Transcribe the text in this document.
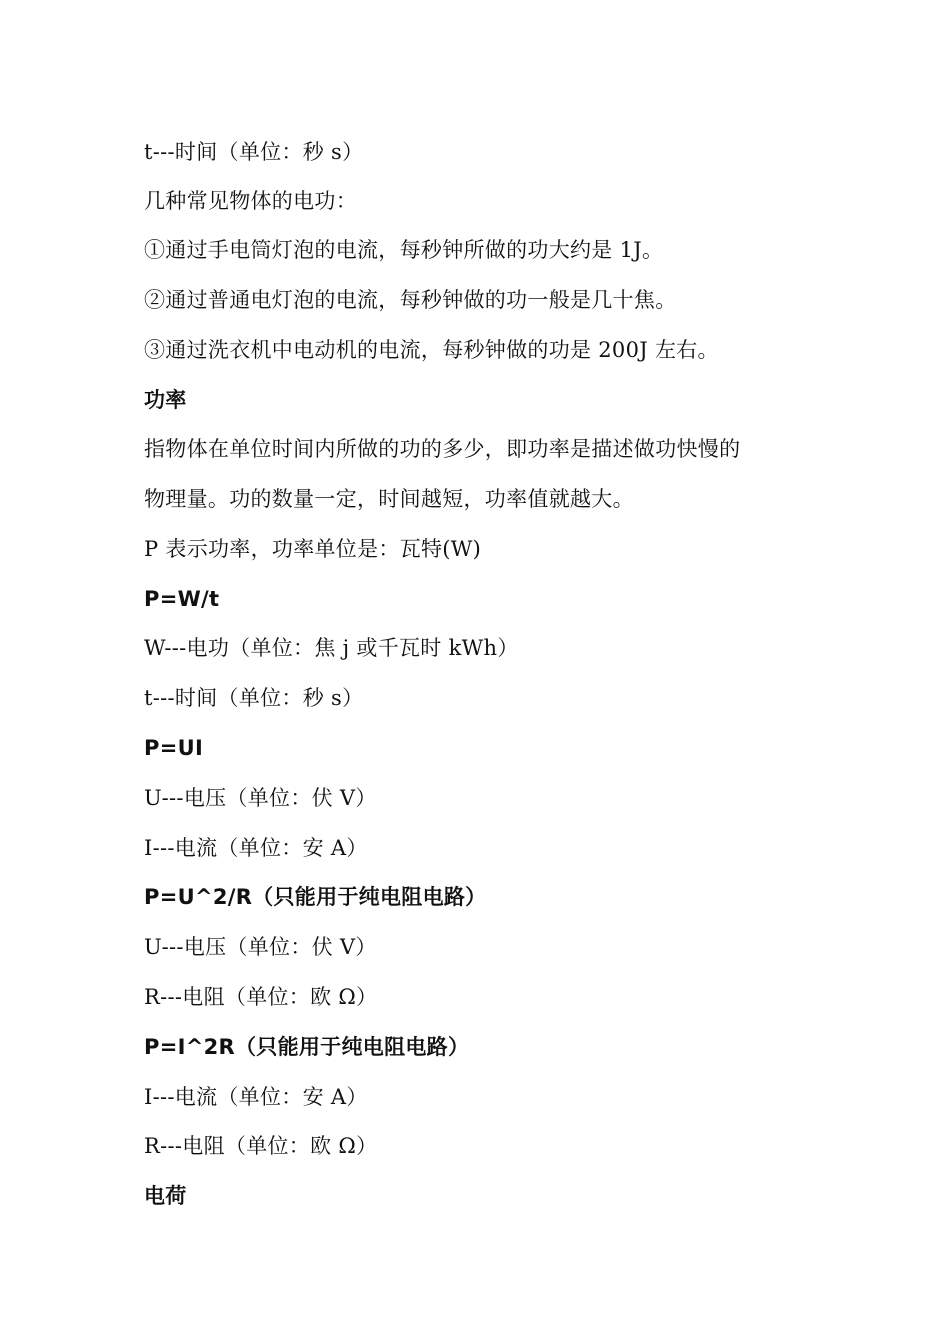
t---时间（单位：秒 s）
几种常见物体的电功：
①通过手电筒灯泡的电流，每秒钟所做的功大约是 1J。
②通过普通电灯泡的电流，每秒钟做的功一般是几十焦。
③通过洗衣机中电动机的电流，每秒钟做的功是 200J 左右。
功率
指物体在单位时间内所做的功的多少，即功率是描述做功快慢的
物理量。功的数量一定，时间越短，功率值就越大。
P 表示功率，功率单位是：瓦特(W)
P=W/t
W---电功（单位：焦 j 或千瓦时 kWh）
t---时间（单位：秒 s）
P=UI
U---电压（单位：伏 V）
I---电流（单位：安 A）
P=U^2/R（只能用于纯电阻电路）
U---电压（单位：伏 V）
R---电阻（单位：欧 Ω）
P=I^2R（只能用于纯电阻电路）
I---电流（单位：安 A）
R---电阻（单位：欧 Ω）
电荷
